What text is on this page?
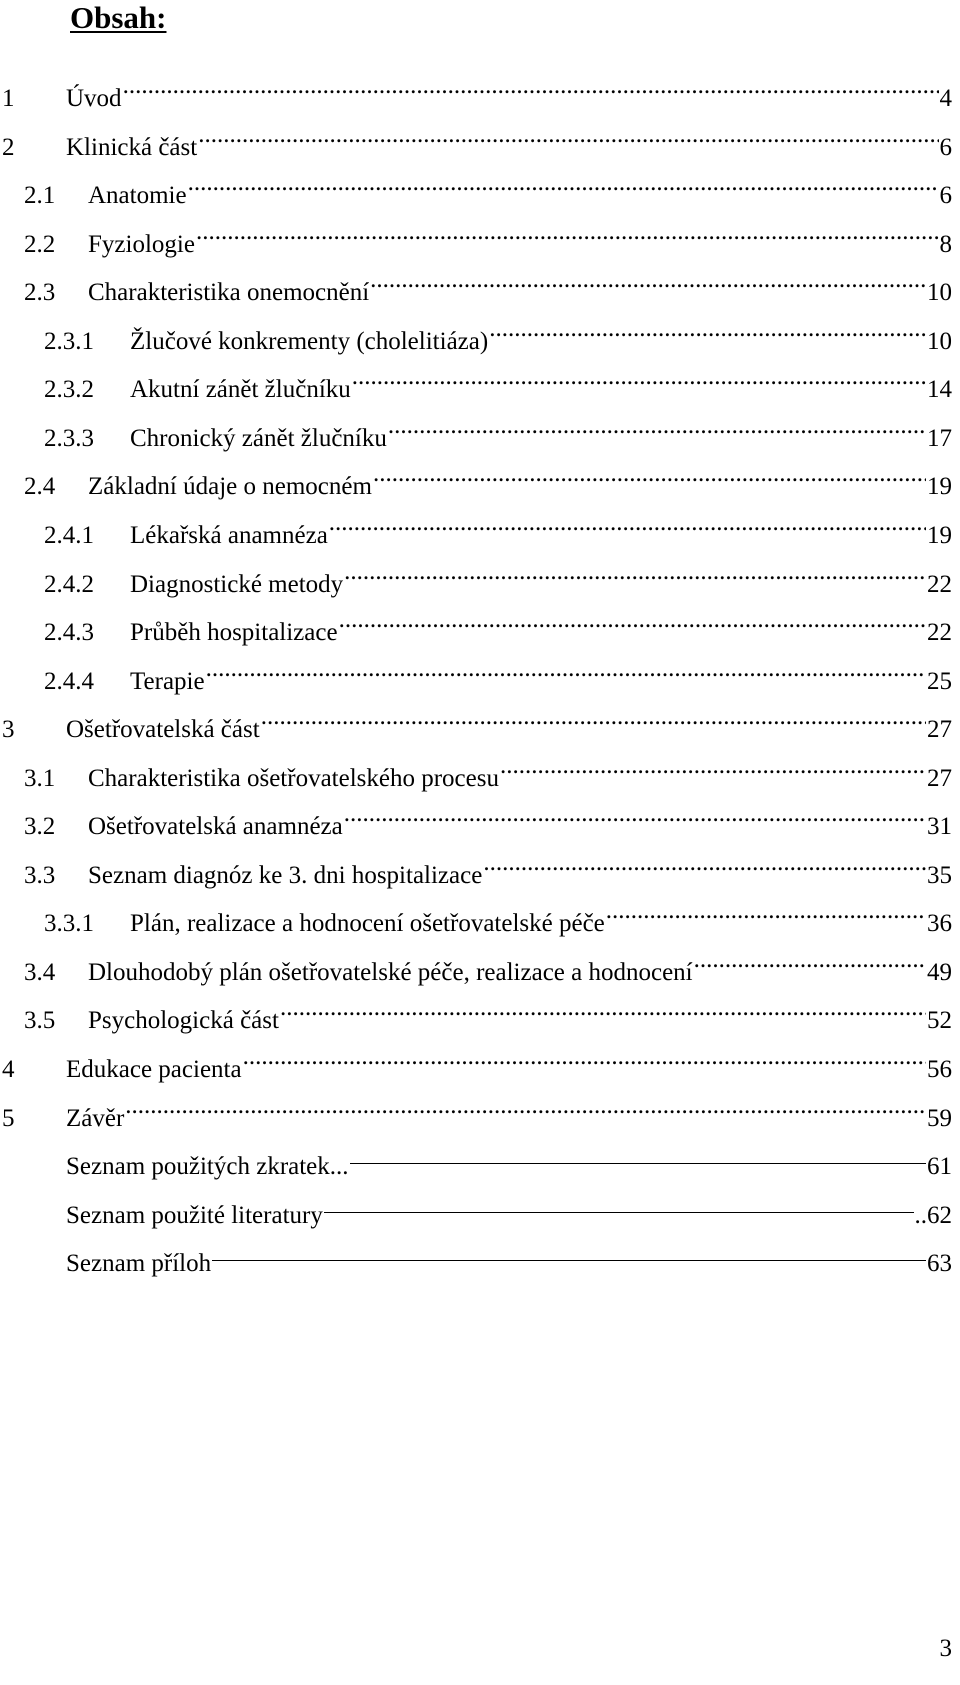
Obsah:
1	Úvod .....	4
2	Klinická část .....	6
2.1	Anatomie .....	6
2.2	Fyziologie .....	8
2.3	Charakteristika onemocnění .....	10
2.3.1	Žlučové konkrementy (cholelitiáza) .....	10
2.3.2	Akutní zánět žlučníku .....	14
2.3.3	Chronický zánět žlučníku .....	17
2.4	Základní údaje o nemocném .....	19
2.4.1	Lékařská anamnéza .....	19
2.4.2	Diagnostické metody .....	22
2.4.3	Průběh hospitalizace .....	22
2.4.4	Terapie .....	25
3	Ošetřovatelská část .....	27
3.1	Charakteristika ošetřovatelského procesu .....	27
3.2	Ošetřovatelská anamnéza .....	31
3.3	Seznam diagnóz ke 3. dni hospitalizace .....	35
3.3.1	Plán, realizace a hodnocení ošetřovatelské péče .....	36
3.4	Dlouhodobý plán ošetřovatelské péče, realizace a hodnocení .....	49
3.5	Psychologická část .....	52
4	Edukace pacienta .....	56
5	Závěr .....	59
Seznam použitých zkratek...	61
Seznam použité literatury	..62
Seznam příloh	63
3
